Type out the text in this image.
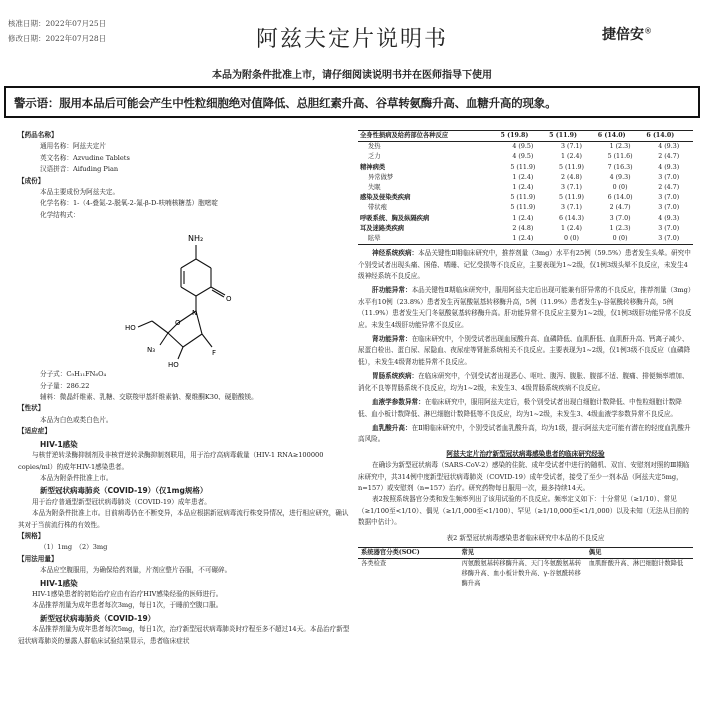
核准日期：2022年07月25日
修改日期：2022年07月28日	阿兹夫定片说明书	捷倍安®
本品为附条件批准上市，请仔细阅读说明书并在医师指导下使用
警示语：服用本品后可能会产生中性粒细胞绝对值降低、总胆红素升高、谷草转氨酶升高、血糖升高的现象。
【药品名称】
通用名称：阿兹夫定片
英文名称：Azvudine Tablets
汉语拼音：Aifuding Pian
【成份】
本品主要成份为阿兹夫定。
化学名称：1-（4-叠氮-2-脱氧-2-氟-β-D-呋喃核糖基）胞嘧啶
化学结构式：
NH₂
N
O
O
HO
N₃
HO
F
分子式：C₉H₁₁FN₆O₄
分子量：286.22
辅料：微晶纤维素、乳糖、交联羧甲基纤维素钠、聚维酮K30、硬脂酸镁。
【性状】
本品为白色或类白色片。
【适应症】
HIV-1感染
与核苷逆转录酶抑制剂及非核苷逆转录酶抑制剂联用，用于治疗高病毒载量（HIV-1 RNA≥100000 copies/ml）的成年HIV-1感染患者。
本品为附条件批准上市。
新型冠状病毒肺炎（COVID-19）（仅1mg规格）
用于治疗普通型新型冠状病毒肺炎（COVID-19）成年患者。
本品为附条件批准上市。目前病毒仍在不断变异，本品应根据新冠病毒流行株变异情况，进行相应研究，确认其对于当前流行株的有效性。
【规格】
（1）1mg　（2）3mg
【用法用量】
本品应空腹服用，为确保给药剂量，片剂应整片吞服，不可碾碎。
HIV-1感染
HIV-1感染患者的初始治疗应由有治疗HIV感染经验的医师进行。
本品推荐剂量为成年患者每次3mg，每日1次，于睡前空腹口服。
新型冠状病毒肺炎（COVID-19）
本品推荐剂量为成年患者每次5mg，每日1次，治疗新型冠状病毒肺炎时疗程至多不超过14天。本品治疗新型冠状病毒肺炎的暴露人群临床试验结果显示，患者临床症状
全身性损病及给药部位各种反应	5 (19.8)	5 (11.9)	6 (14.0)	6 (14.0)
发热	4 (9.5)	3 (7.1)	1 (2.3)	4 (9.3)
乏力	4 (9.5)	1 (2.4)	5 (11.6)	2 (4.7)
精神病类	5 (11.9)	5 (11.9)	7 (16.3)	4 (9.3)
异常做梦	1 (2.4)	2 (4.8)	4 (9.3)	3 (7.0)
失眠	1 (2.4)	3 (7.1)	0 (0)	2 (4.7)
感染及侵染类疾病	5 (11.9)	5 (11.9)	6 (14.0)	3 (7.0)
带状疱	5 (11.9)	3 (7.1)	2 (4.7)	3 (7.0)
呼吸系统、胸及纵隔疾病	1 (2.4)	6 (14.3)	3 (7.0)	4 (9.3)
耳及迷路类疾病	2 (4.8)	1 (2.4)	1 (2.3)	3 (7.0)
眩晕	1 (2.4)	0 (0)	0 (0)	3 (7.0)
神经系统疾病：本品关键性Ⅱ期临床研究中，推荐剂量（3mg）水平有25例（59.5%）患者发生头晕。研究中个别受试者出现头痛、困倦、嗜睡、记忆受损等不良反应，主要表现为1~2级，仅1例3级头晕不良反应，未发生4级神经系统不良反应。
肝功能异常：本品关键性Ⅱ期临床研究中，服用阿兹夫定后出现可能兼有肝异常的不良反应，推荐剂量（3mg）水平有10例（23.8%）患者发生丙氨酸氨基转移酶升高，5例（11.9%）患者发生γ-谷氨酰转移酶升高，5例（11.9%）患者发生天门冬氨酸氨基转移酶升高。肝功能异常不良反应主要为1~2级，仅1例3级肝功能异常不良反应。未发生4级肝功能异常不良反应。
肾功能异常：在临床研究中，个别受试者出现血尿酸升高、血磷降低、血肌酐低、血肌酐升高、钙离子减少、尿蛋白检出、蛋白尿、尿隐血、夜尿症等肾脏系统相关不良反应。主要表现为1~2级，仅1例3级不良反应（血磷降低），未发生4级肾功能异常不良反应。
胃肠系统疾病：在临床研究中，个别受试者出现恶心、呕吐、腹泻、腹胀、腹部不适、腹痛、排便频率增加、消化不良等胃肠系统不良反应，均为1~2级，未发生3、4级胃肠系统疾病不良反应。
血液学参数异常：在临床研究中，服用阿兹夫定后，极个别受试者出现白细胞计数降低、中性粒细胞计数降低、血小板计数降低、淋巴细胞计数降低等不良反应，均为1~2级，未发生3、4级血液学参数异常不良反应。
血乳酸升高：在Ⅱ期临床研究中，个别受试者血乳酸升高，均为1级，提示阿兹夫定可能有潜在的轻度血乳酸升高风险。
阿兹夫定片治疗新型冠状病毒感染患者的临床研究经验
在确诊为新型冠状病毒（SARS-CoV-2）感染的住院、成年受试者中进行的随机、双盲、安慰剂对照的Ⅲ期临床研究中，共314例中度新型冠状病毒肺炎（COVID-19）成年受试者，接受了至少一剂本品（阿兹夫定5mg，n=157）或安慰剂（n=157）治疗。研究药物每日服用一次，最多持续14天。
表2按照系统器官分类和发生频率列出了该用试验的不良反应。频率定义如下：十分常见（≥1/10）、常见（≥1/100至<1/10）、偶见（≥1/1,000至<1/100）、罕见（≥1/10,000至<1/1,000）以及未知（无法从目前的数据中估计）。
表2 新型冠状病毒感染患者临床研究中本品的不良反应
系统器官分类(SOC)	常见	偶见
各类检查	丙氨酸氨基转移酶升高、天门冬氨酸氨基转移酶升高、血小板计数升高、γ-谷氨酰转移酶升高	血肌酐酸升高、淋巴细胞计数降低
